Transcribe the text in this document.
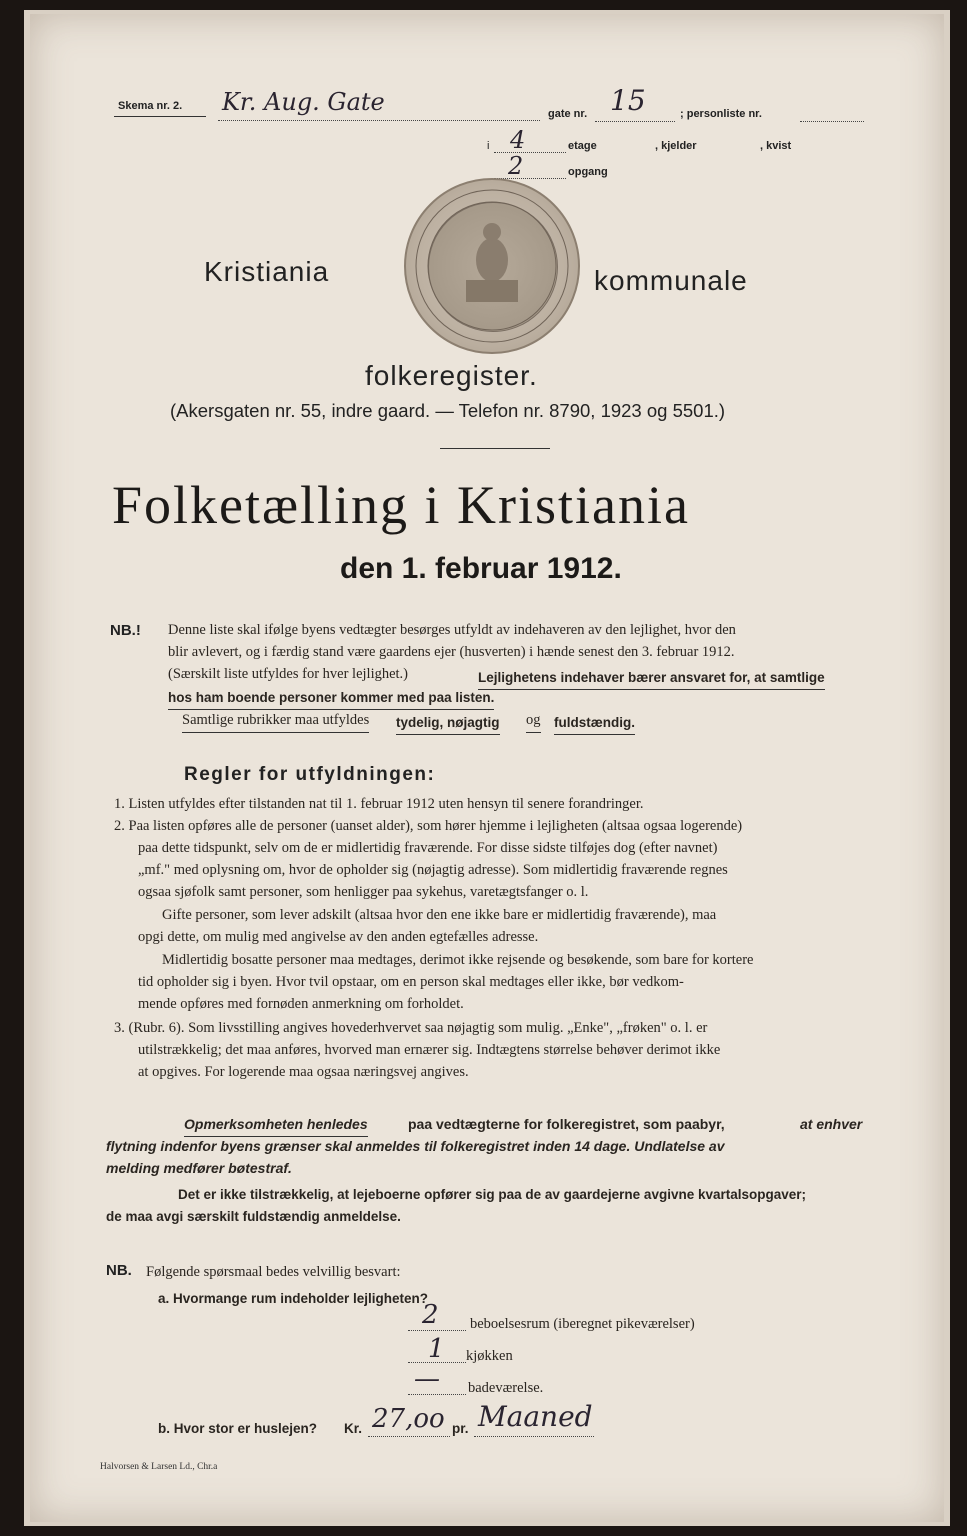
Skema nr. 2. Kr. Aug. Gate	gate nr. 15	; personliste nr.
i 4	etage	, kjelder	, kvist
2	opgang
Kristiania	kommunale
folkeregister.
(Akersgaten nr. 55, indre gaard. — Telefon nr. 8790, 1923 og 5501.)
Folketælling i Kristiania
den 1. februar 1912.
NB.! Denne liste skal ifølge byens vedtægter besørges utfyldt av indehaveren av den lejlighet, hvor den
blir avlevert, og i færdig stand være gaardens ejer (husverten) i hænde senest den 3. februar 1912.
(Særskilt liste utfyldes for hver lejlighet.)	Lejlighetens indehaver bærer ansvaret for, at samtlige
hos ham boende personer kommer med paa listen.
Samtlige rubrikker maa utfyldes tydelig, nøjagtig og fuldstændig.
Regler for utfyldningen:
1. Listen utfyldes efter tilstanden nat til 1. februar 1912 uten hensyn til senere forandringer.
2. Paa listen opføres alle de personer (uanset alder), som hører hjemme i lejligheten (altsaa ogsaa logerende)
paa dette tidspunkt, selv om de er midlertidig fraværende. For disse sidste tilføjes dog (efter navnet)
„mf." med oplysning om, hvor de opholder sig (nøjagtig adresse). Som midlertidig fraværende regnes
ogsaa sjøfolk samt personer, som henligger paa sykehus, varetægtsfanger o. l.
Gifte personer, som lever adskilt (altsaa hvor den ene ikke bare er midlertidig fraværende), maa
opgi dette, om mulig med angivelse av den anden egtefælles adresse.
Midlertidig bosatte personer maa medtages, derimot ikke rejsende og besøkende, som bare for kortere
tid opholder sig i byen. Hvor tvil opstaar, om en person skal medtages eller ikke, bør vedkom-
mende opføres med fornøden anmerkning om forholdet.
3. (Rubr. 6). Som livsstilling angives hovederhvervet saa nøjagtig som mulig. „Enke", „frøken" o. l. er
utilstrækkelig; det maa anføres, hvorved man ernærer sig. Indtægtens størrelse behøver derimot ikke
at opgives. For logerende maa ogsaa næringsvej angives.
Opmerksomheten henledes	paa vedtægterne for folkeregistret, som paabyr,	at enhver
flytning indenfor byens grænser skal anmeldes til folkeregistret inden 14 dage. Undlatelse av
melding medfører bøtestraf.
Det er ikke tilstrækkelig, at lejeboerne opfører sig paa de av gaardejerne avgivne kvartalsopgaver;
de maa avgi særskilt fuldstændig anmeldelse.
NB. Følgende spørsmaal bedes velvillig besvart:
a. Hvormange rum indeholder lejligheten?
2 beboelsesrum (iberegnet pikeværelser)
1 kjøkken
— badeværelse.
b. Hvor stor er huslejen? Kr. 27,oo pr. Maaned
Halvorsen & Larsen Ld., Chr.a
